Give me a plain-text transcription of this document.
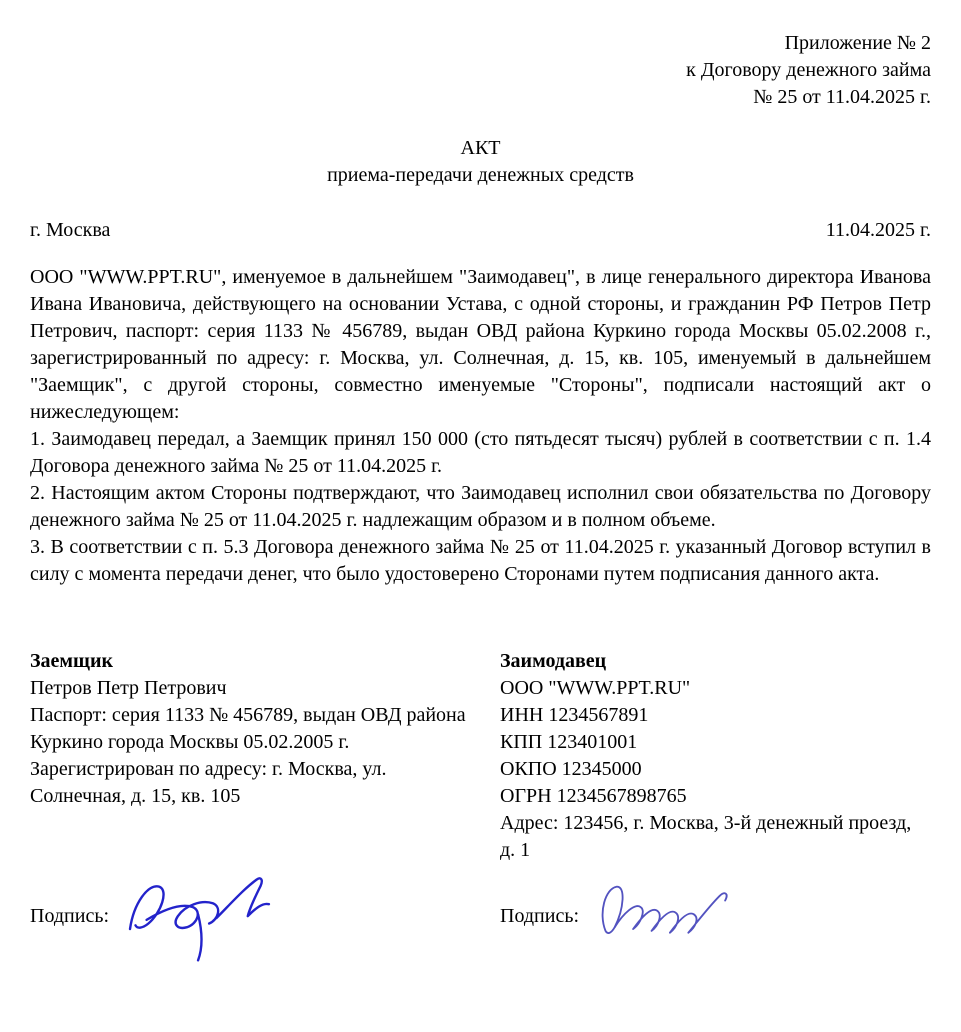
Приложение № 2
к Договору денежного займа
№ 25 от 11.04.2025 г.
АКТ
приема-передачи денежных средств
г. Москва	11.04.2025 г.

ООО "WWW.PPT.RU", именуемое в дальнейшем "Заимодавец", в лице генерального директора Иванова Ивана Ивановича, действующего на основании Устава, с одной стороны, и гражданин РФ Петров Петр Петрович, паспорт: серия 1133 № 456789, выдан ОВД района Куркино города Москвы 05.02.2008 г., зарегистрированный по адресу: г. Москва, ул. Солнечная, д. 15, кв. 105, именуемый в дальнейшем "Заемщик", с другой стороны, совместно именуемые "Стороны", подписали настоящий акт о нижеследующем:

1. Заимодавец передал, а Заемщик принял 150 000 (сто пятьдесят тысяч) рублей в соответствии с п. 1.4 Договора денежного займа № 25 от 11.04.2025 г.

2. Настоящим актом Стороны подтверждают, что Заимодавец исполнил свои обязательства по Договору денежного займа № 25 от 11.04.2025 г. надлежащим образом и в полном объеме.

3. В соответствии с п. 5.3 Договора денежного займа № 25 от 11.04.2025 г. указанный Договор вступил в силу с момента передачи денег, что было удостоверено Сторонами путем подписания данного акта.

Заемщик

Петров Петр Петрович

Паспорт: серия 1133 № 456789, выдан ОВД района Куркино города Москвы 05.02.2005 г.

Зарегистрирован по адресу: г. Москва, ул. Солнечная, д. 15, кв. 105

Подпись:
Заимодавец

ООО "WWW.PPT.RU"

ИНН 1234567891

КПП 123401001

ОКПО 12345000

ОГРН 1234567898765

Адрес: 123456, г. Москва, 3-й денежный проезд, д. 1

Подпись:
